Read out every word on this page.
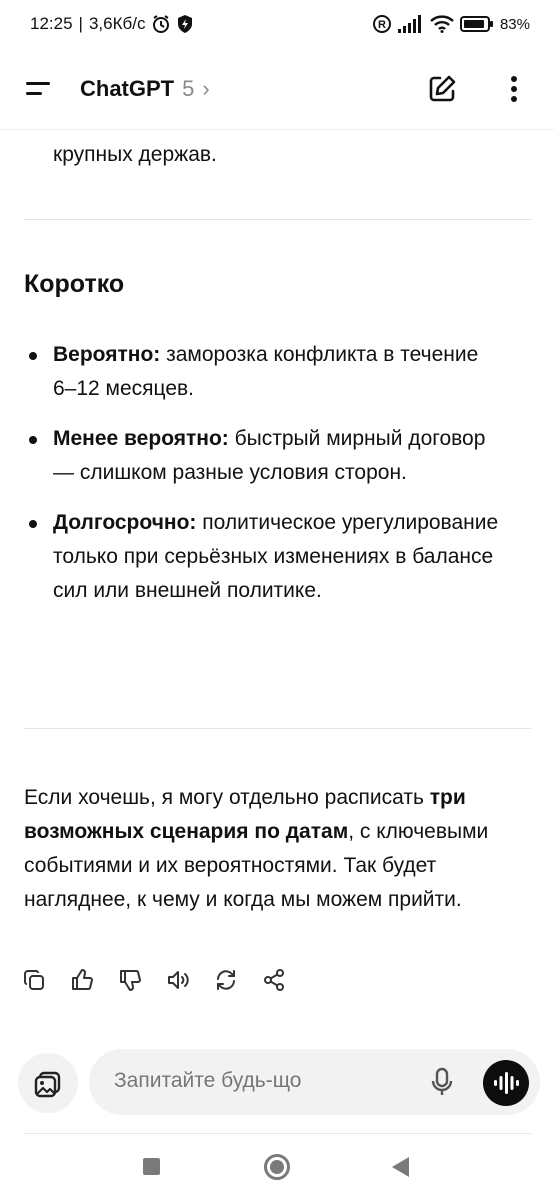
12:25 | 3,6Кб/с	R	83%
ChatGPT 5 ›
крупных держав.
Коротко
Вероятно: заморозка конфликта в течение 6–12 месяцев.
Менее вероятно: быстрый мирный договор — слишком разные условия сторон.
Долгосрочно: политическое урегулирование только при серьёзных изменениях в балансе сил или внешней политике.
Если хочешь, я могу отдельно расписать три возможных сценария по датам, с ключевыми событиями и их вероятностями. Так будет нагляднее, к чему и когда мы можем прийти.
Запитайте будь-що
